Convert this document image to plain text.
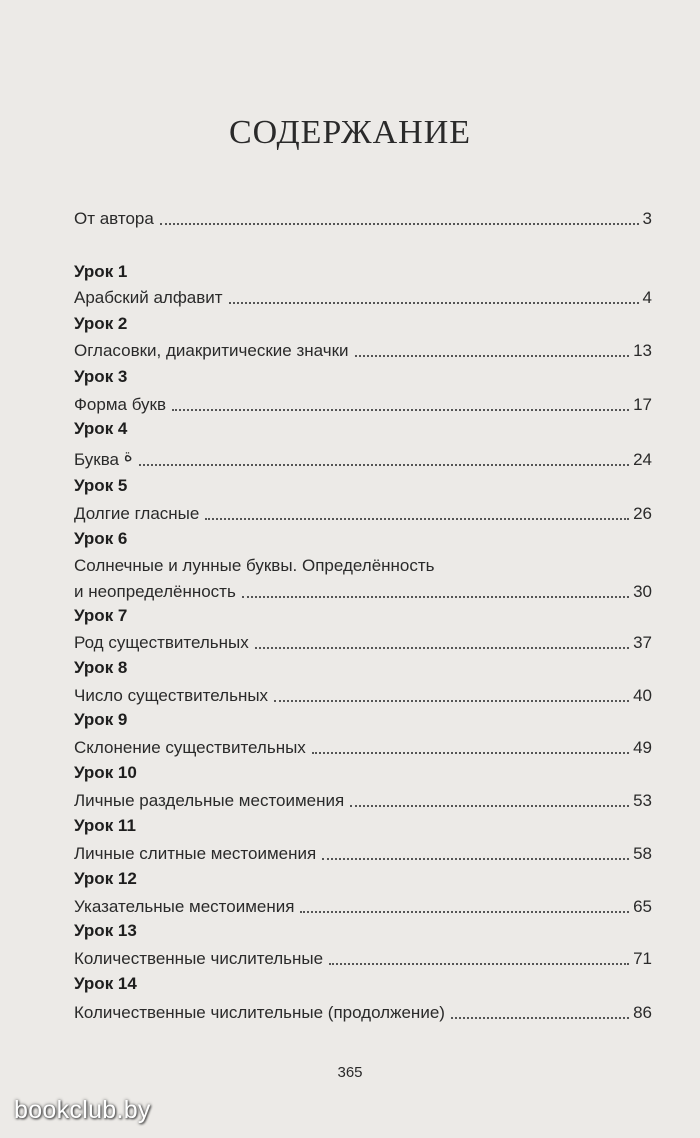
СОДЕРЖАНИЕ
От автора	3
Урок 1
Арабский алфавит	4
Урок 2
Огласовки, диакритические значки	13
Урок 3
Форма букв	17
Урок 4
Буква ة	24
Урок 5
Долгие гласные	26
Урок 6
Солнечные и лунные буквы. Определённость
и неопределённость	30
Урок 7
Род существительных	37
Урок 8
Число существительных	40
Урок 9
Склонение существительных	49
Урок 10
Личные раздельные местоимения	53
Урок 11
Личные слитные местоимения	58
Урок 12
Указательные местоимения	65
Урок 13
Количественные числительные	71
Урок 14
Количественные числительные (продолжение)	86
365
bookclub.by
